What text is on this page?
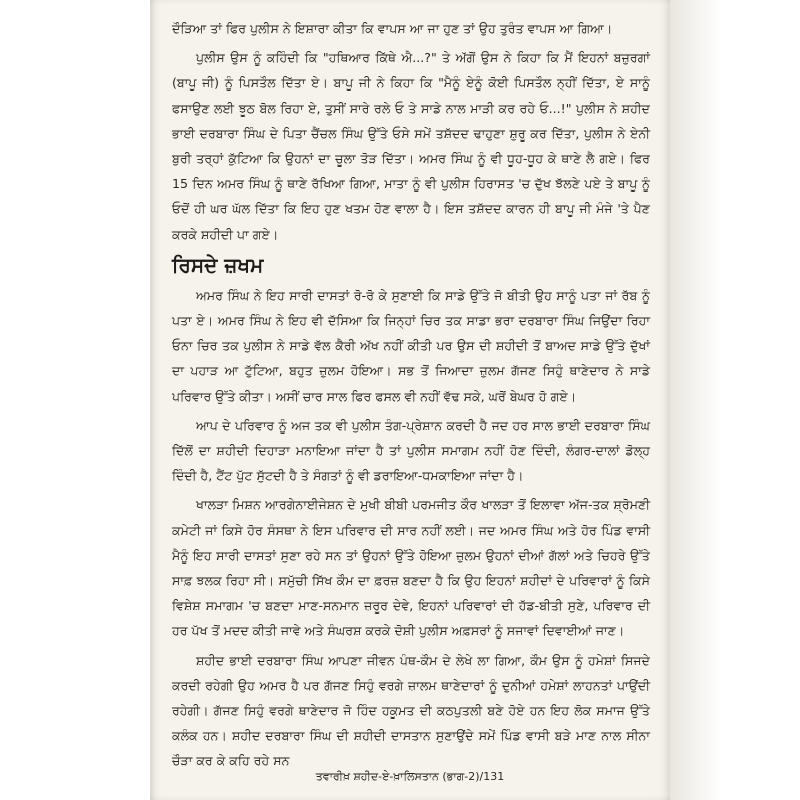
ਦੌੜਿਆ ਤਾਂ ਫਿਰ ਪੁਲੀਸ ਨੇ ਇਸ਼ਾਰਾ ਕੀਤਾ ਕਿ ਵਾਪਸ ਆ ਜਾ ਹੁਣ ਤਾਂ ਉਹ ਤੁਰੰਤ ਵਾਪਸ ਆ ਗਿਆ।

ਪੁਲੀਸ ਉਸ ਨੂੰ ਕਹਿੰਦੀ ਕਿ "ਹਥਿਆਰ ਕਿੱਥੇ ਐ...?" ਤੇ ਅੱਗੋਂ ਉਸ ਨੇ ਕਿਹਾ ਕਿ ਮੈਂ ਇਹਨਾਂ ਬਜ਼ੁਰਗਾਂ (ਬਾਪੂ ਜੀ) ਨੂੰ ਪਿਸਤੌਲ ਦਿੱਤਾ ਏ। ਬਾਪੂ ਜੀ ਨੇ ਕਿਹਾ ਕਿ "ਮੈਨੂੰ ਏਨੂੰ ਕੋਈ ਪਿਸਤੌਲ ਨ੍ਹੀਂ ਦਿੱਤਾ, ਏ ਸਾਨੂੰ ਫਸਾਉਣ ਲਈ ਝੂਠ ਬੋਲ ਰਿਹਾ ਏ, ਤੁਸੀਂ ਸਾਰੇ ਰਲੇ ਓ ਤੇ ਸਾਡੇ ਨਾਲ ਮਾੜੀ ਕਰ ਰਹੇ ਓ...!" ਪੁਲੀਸ ਨੇ ਸ਼ਹੀਦ ਭਾਈ ਦਰਬਾਰਾ ਸਿੰਘ ਦੇ ਪਿਤਾ ਚੈਂਚਲ ਸਿੰਘ ਉੱਤੇ ਓਸੇ ਸਮੇਂ ਤਸ਼ੱਦਦ ਢਾਹੁਣਾ ਸ਼ੁਰੂ ਕਰ ਦਿੱਤਾ, ਪੁਲੀਸ ਨੇ ਏਨੀ ਬੁਰੀ ਤਰ੍ਹਾਂ ਕੁੱਟਿਆ ਕਿ ਉਹਨਾਂ ਦਾ ਚੂਲਾ ਤੋੜ ਦਿੱਤਾ। ਅਮਰ ਸਿੰਘ ਨੂੰ ਵੀ ਧੂਹ-ਧੂਹ ਕੇ ਥਾਣੇ ਲੈ ਗਏ। ਫਿਰ 15 ਦਿਨ ਅਮਰ ਸਿੰਘ ਨੂੰ ਥਾਣੇ ਰੱਖਿਆ ਗਿਆ, ਮਾਤਾ ਨੂੰ ਵੀ ਪੁਲੀਸ ਹਿਰਾਸਤ 'ਚ ਦੁੱਖ ਝੱਲਣੇ ਪਏ ਤੇ ਬਾਪੂ ਨੂੰ ਓਦੋਂ ਹੀ ਘਰ ਘੱਲ ਦਿੱਤਾ ਕਿ ਇਹ ਹੁਣ ਖਤਮ ਹੋਣ ਵਾਲਾ ਹੈ। ਇਸ ਤਸ਼ੱਦਦ ਕਾਰਨ ਹੀ ਬਾਪੂ ਜੀ ਮੰਜੇ 'ਤੇ ਪੈਣ ਕਰਕੇ ਸ਼ਹੀਦੀ ਪਾ ਗਏ।

ਰਿਸਦੇ ਜ਼ਖਮ

ਅਮਰ ਸਿੰਘ ਨੇ ਇਹ ਸਾਰੀ ਦਾਸਤਾਂ ਰੋ-ਰੋ ਕੇ ਸੁਣਾਈ ਕਿ ਸਾਡੇ ਉੱਤੇ ਜੋ ਬੀਤੀ ਉਹ ਸਾਨੂੰ ਪਤਾ ਜਾਂ ਰੱਬ ਨੂੰ ਪਤਾ ਏ। ਅਮਰ ਸਿੰਘ ਨੇ ਇਹ ਵੀ ਦੱਸਿਆ ਕਿ ਜਿਨ੍ਹਾਂ ਚਿਰ ਤਕ ਸਾਡਾ ਭਰਾ ਦਰਬਾਰਾ ਸਿੰਘ ਜਿਉਂਦਾ ਰਿਹਾ ਓਨਾ ਚਿਰ ਤਕ ਪੁਲੀਸ ਨੇ ਸਾਡੇ ਵੱਲ ਕੈਰੀ ਅੱਖ ਨਹੀਂ ਕੀਤੀ ਪਰ ਉਸ ਦੀ ਸ਼ਹੀਦੀ ਤੋਂ ਬਾਅਦ ਸਾਡੇ ਉੱਤੇ ਦੁੱਖਾਂ ਦਾ ਪਹਾੜ ਆ ਟੁੱਟਿਆ, ਬਹੁਤ ਜ਼ੁਲਮ ਹੋਇਆ। ਸਭ ਤੋਂ ਜਿਆਦਾ ਜ਼ੁਲਮ ਗੱਜਣ ਸਿਹੁੰ ਥਾਣੇਦਾਰ ਨੇ ਸਾਡੇ ਪਰਿਵਾਰ ਉੱਤੇ ਕੀਤਾ। ਅਸੀਂ ਚਾਰ ਸਾਲ ਫਿਰ ਫਸਲ ਵੀ ਨਹੀਂ ਵੱਢ ਸਕੇ, ਘਰੋਂ ਬੇਘਰ ਹੋ ਗਏ।

ਆਪ ਦੇ ਪਰਿਵਾਰ ਨੂੰ ਅਜ ਤਕ ਵੀ ਪੁਲੀਸ ਤੰਗ-ਪ੍ਰੇਸ਼ਾਨ ਕਰਦੀ ਹੈ ਜਦ ਹਰ ਸਾਲ ਭਾਈ ਦਰਬਾਰਾ ਸਿੰਘ ਦਿੱਲੋਂ ਦਾ ਸ਼ਹੀਦੀ ਦਿਹਾੜਾ ਮਨਾਇਆ ਜਾਂਦਾ ਹੈ ਤਾਂ ਪੁਲੀਸ ਸਮਾਗਮ ਨਹੀਂ ਹੋਣ ਦਿੰਦੀ, ਲੰਗਰ-ਦਾਲਾਂ ਡੋਲ੍ਹ ਦਿੰਦੀ ਹੈ, ਟੈਂਟ ਪੁੱਟ ਸੁੱਟਦੀ ਹੈ ਤੇ ਸੰਗਤਾਂ ਨੂੰ ਵੀ ਡਰਾਇਆ-ਧਮਕਾਇਆ ਜਾਂਦਾ ਹੈ।

ਖਾਲੜਾ ਮਿਸ਼ਨ ਆਰਗੇਨਾਈਜੇਸ਼ਨ ਦੇ ਮੁਖੀ ਬੀਬੀ ਪਰਮਜੀਤ ਕੌਰ ਖਾਲੜਾ ਤੋਂ ਇਲਾਵਾ ਅੱਜ-ਤਕ ਸ਼੍ਰੋਮਣੀ ਕਮੇਟੀ ਜਾਂ ਕਿਸੇ ਹੋਰ ਸੰਸਥਾ ਨੇ ਇਸ ਪਰਿਵਾਰ ਦੀ ਸਾਰ ਨਹੀਂ ਲਈ। ਜਦ ਅਮਰ ਸਿੰਘ ਅਤੇ ਹੋਰ ਪਿੰਡ ਵਾਸੀ ਮੈਨੂੰ ਇਹ ਸਾਰੀ ਦਾਸਤਾਂ ਸੁਣਾ ਰਹੇ ਸਨ ਤਾਂ ਉਹਨਾਂ ਉੱਤੇ ਹੋਇਆ ਜ਼ੁਲਮ ਉਹਨਾਂ ਦੀਆਂ ਗੱਲਾਂ ਅਤੇ ਚਿਹਰੇ ਉੱਤੇ ਸਾਫ਼ ਝਲਕ ਰਿਹਾ ਸੀ। ਸਮੁੱਚੀ ਸਿੱਖ ਕੌਮ ਦਾ ਫ਼ਰਜ਼ ਬਣਦਾ ਹੈ ਕਿ ਉਹ ਇਹਨਾਂ ਸ਼ਹੀਦਾਂ ਦੇ ਪਰਿਵਾਰਾਂ ਨੂੰ ਕਿਸੇ ਵਿਸ਼ੇਸ਼ ਸਮਾਗਮ 'ਚ ਬਣਦਾ ਮਾਣ-ਸਨਮਾਨ ਜ਼ਰੂਰ ਦੇਵੇ, ਇਹਨਾਂ ਪਰਿਵਾਰਾਂ ਦੀ ਹੱਡ-ਬੀਤੀ ਸੁਣੇ, ਪਰਿਵਾਰ ਦੀ ਹਰ ਪੱਖ ਤੋਂ ਮਦਦ ਕੀਤੀ ਜਾਵੇ ਅਤੇ ਸੰਘਰਸ਼ ਕਰਕੇ ਦੋਸ਼ੀ ਪੁਲੀਸ ਅਫ਼ਸਰਾਂ ਨੂੰ ਸਜਾਵਾਂ ਦਿਵਾਈਆਂ ਜਾਣ।

ਸ਼ਹੀਦ ਭਾਈ ਦਰਬਾਰਾ ਸਿੰਘ ਆਪਣਾ ਜੀਵਨ ਪੰਥ-ਕੌਮ ਦੇ ਲੇਖੇ ਲਾ ਗਿਆ, ਕੌਮ ਉਸ ਨੂੰ ਹਮੇਸ਼ਾਂ ਸਿਜਦੇ ਕਰਦੀ ਰਹੇਗੀ ਉਹ ਅਮਰ ਹੈ ਪਰ ਗੱਜਣ ਸਿਹੁੰ ਵਰਗੇ ਜ਼ਾਲਮ ਥਾਣੇਦਾਰਾਂ ਨੂੰ ਦੁਨੀਆਂ ਹਮੇਸ਼ਾਂ ਲਾਹਨਤਾਂ ਪਾਉਂਦੀ ਰਹੇਗੀ। ਗੱਜਣ ਸਿਹੁੰ ਵਰਗੇ ਥਾਣੇਦਾਰ ਜੋ ਹਿੰਦ ਹਕੂਮਤ ਦੀ ਕਠਪੁਤਲੀ ਬਣੇ ਹੋਏ ਹਨ ਇਹ ਲੋਕ ਸਮਾਜ ਉੱਤੇ ਕਲੰਕ ਹਨ। ਸ਼ਹੀਦ ਦਰਬਾਰਾ ਸਿੰਘ ਦੀ ਸ਼ਹੀਦੀ ਦਾਸਤਾਨ ਸੁਣਾਉਂਦੇ ਸਮੇਂ ਪਿੰਡ ਵਾਸੀ ਬੜੇ ਮਾਣ ਨਾਲ ਸੀਨਾ ਚੌੜਾ ਕਰ ਕੇ ਕਹਿ ਰਹੇ ਸਨ

ਤਵਾਰੀਖ਼ ਸ਼ਹੀਦ-ਏ-ਖ਼ਾਲਿਸਤਾਨ (ਭਾਗ-2)/131
